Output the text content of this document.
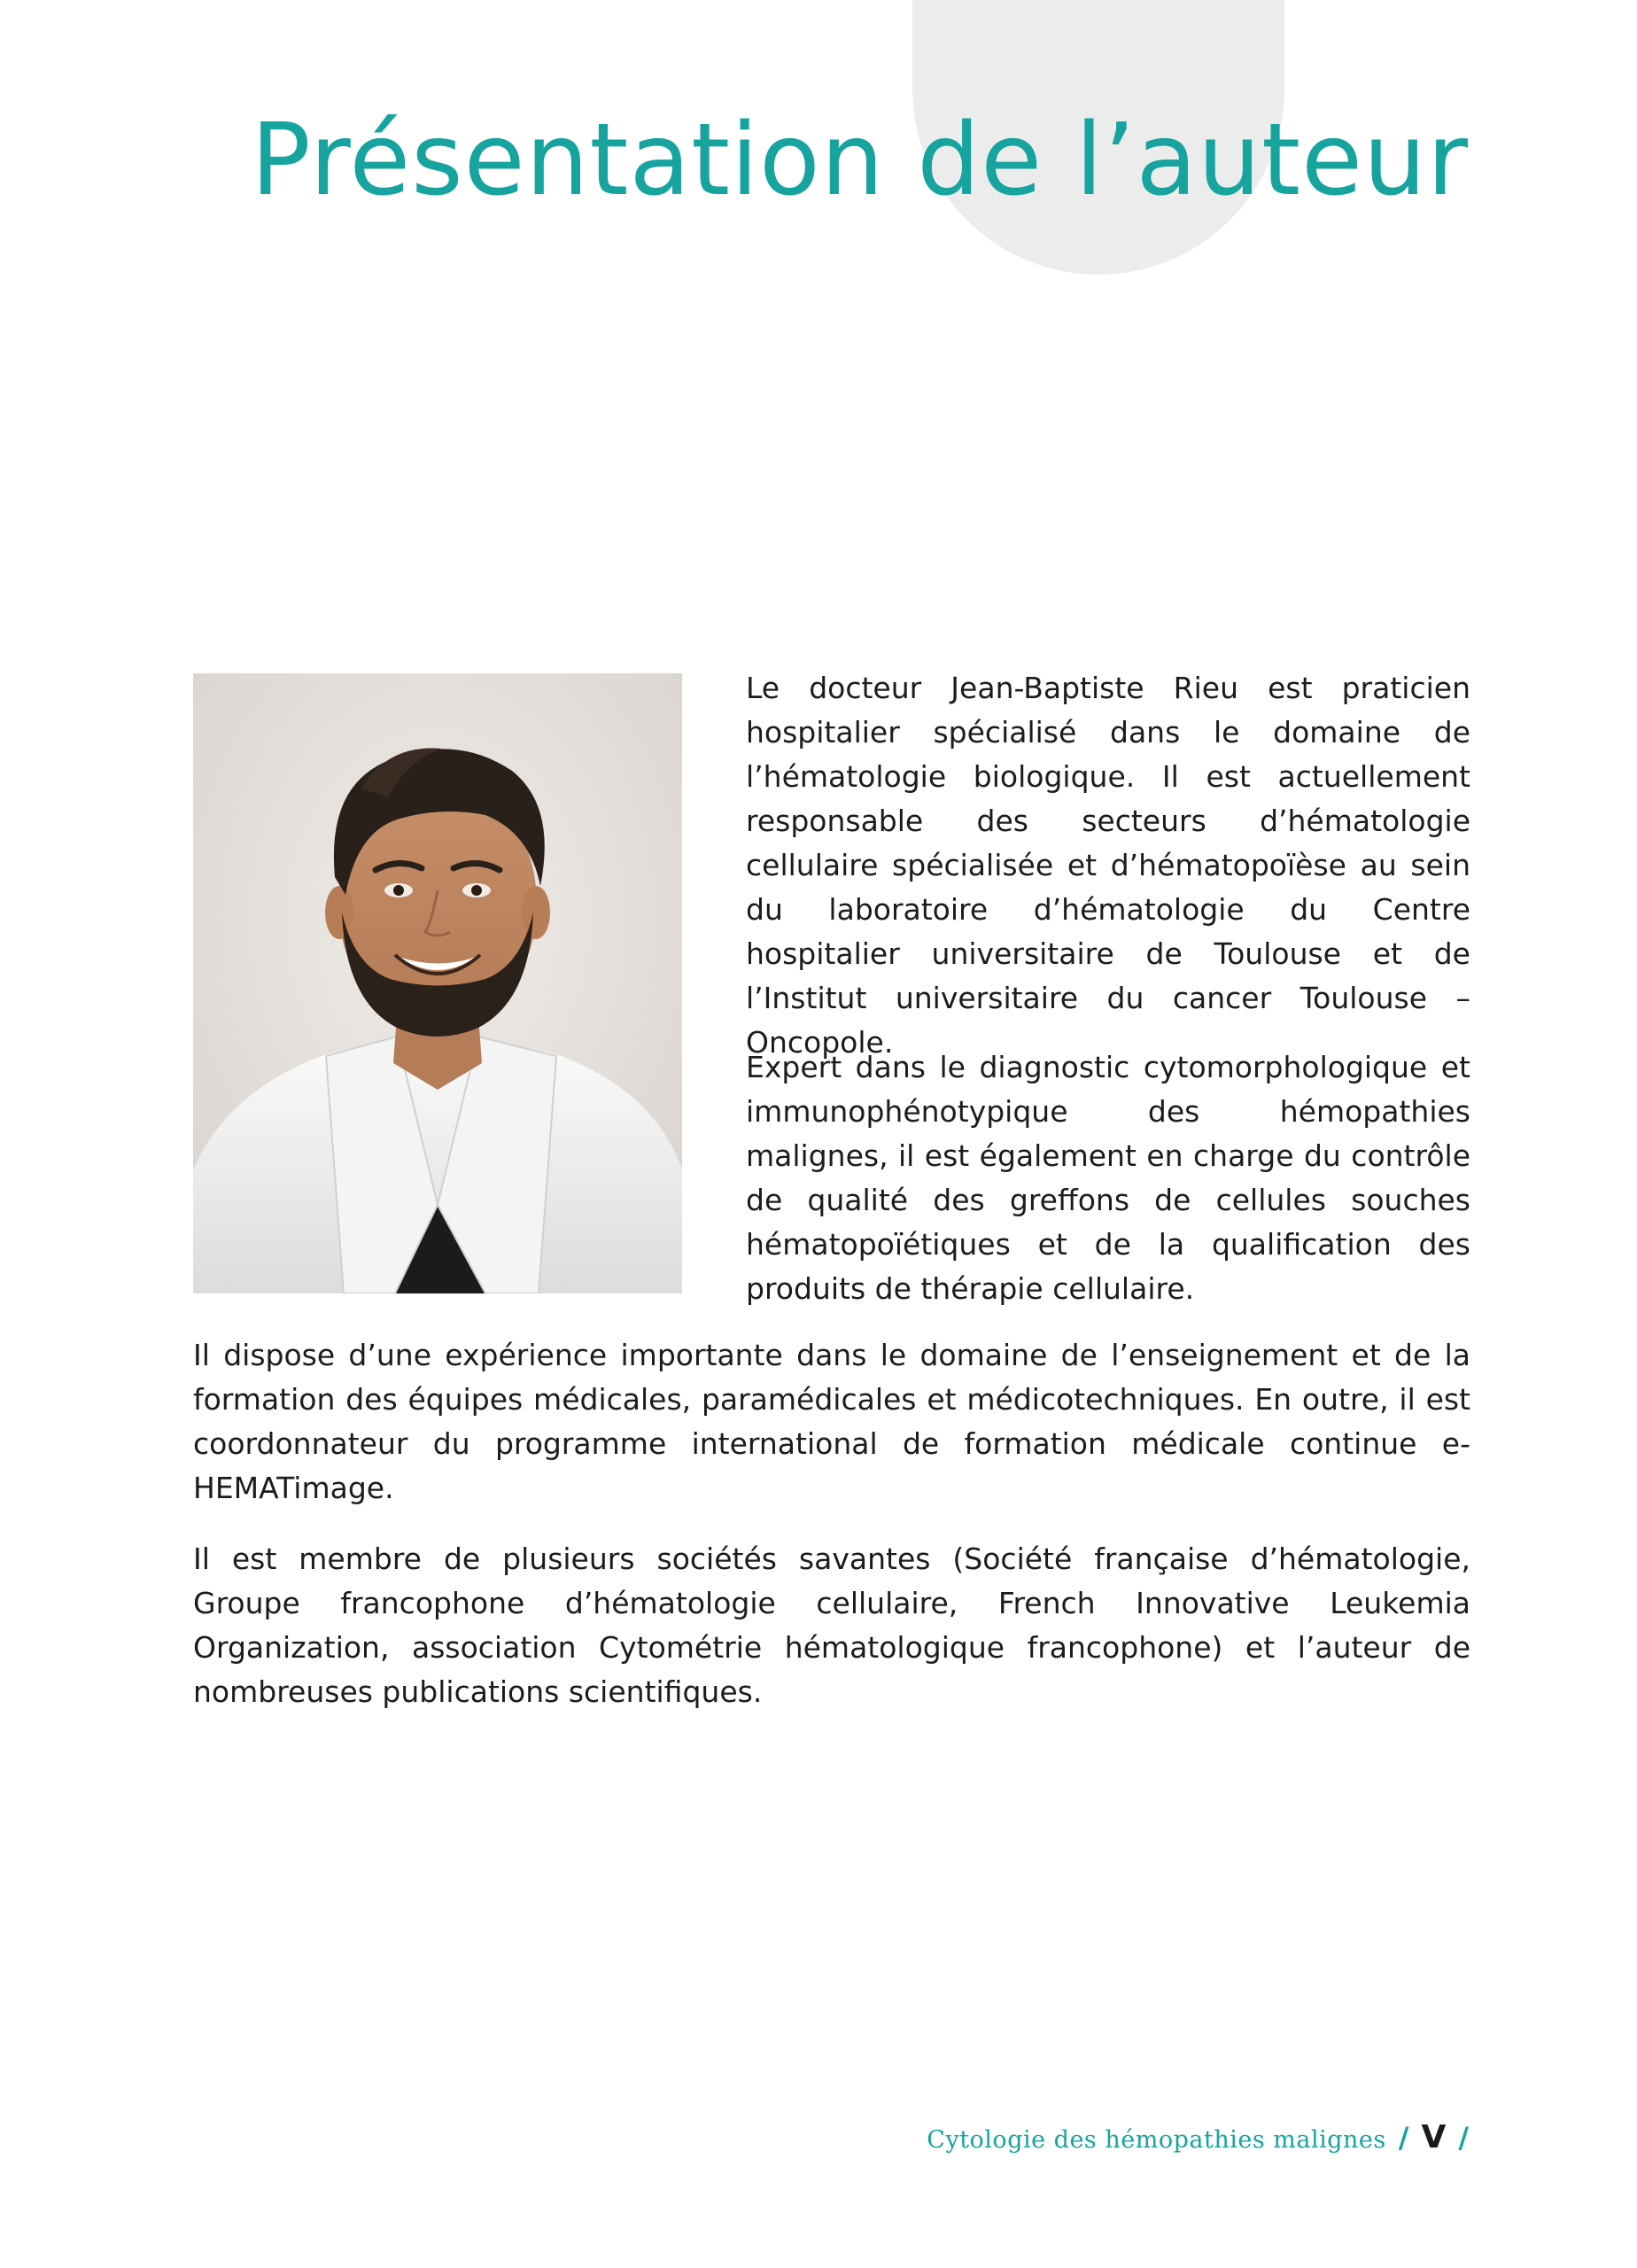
Présentation de l’auteur

Le docteur Jean-Baptiste Rieu est praticien hospitalier spécialisé dans le domaine de l’hématologie biologique. Il est actuellement responsable des secteurs d’hématologie cellulaire spécialisée et d’hématopoïèse au sein du laboratoire d’hématologie du Centre hospitalier universitaire de Toulouse et de l’Institut universitaire du cancer Toulouse – Oncopole.

Expert dans le diagnostic cytomorphologique et immunophénotypique des hémopathies malignes, il est également en charge du contrôle de qualité des greffons de cellules souches hématopoïétiques et de la qualification des produits de thérapie cellulaire.

Il dispose d’une expérience importante dans le domaine de l’enseignement et de la formation des équipes médicales, paramédicales et médicotechniques. En outre, il est coordonnateur du programme international de formation médicale continue e-HEMATimage.

Il est membre de plusieurs sociétés savantes (Société française d’hématologie, Groupe francophone d’hématologie cellulaire, French Innovative Leukemia Organization, association Cytométrie hématologique francophone) et l’auteur de nombreuses publications scientifiques.

Cytologie des hémopathies malignes / V /
